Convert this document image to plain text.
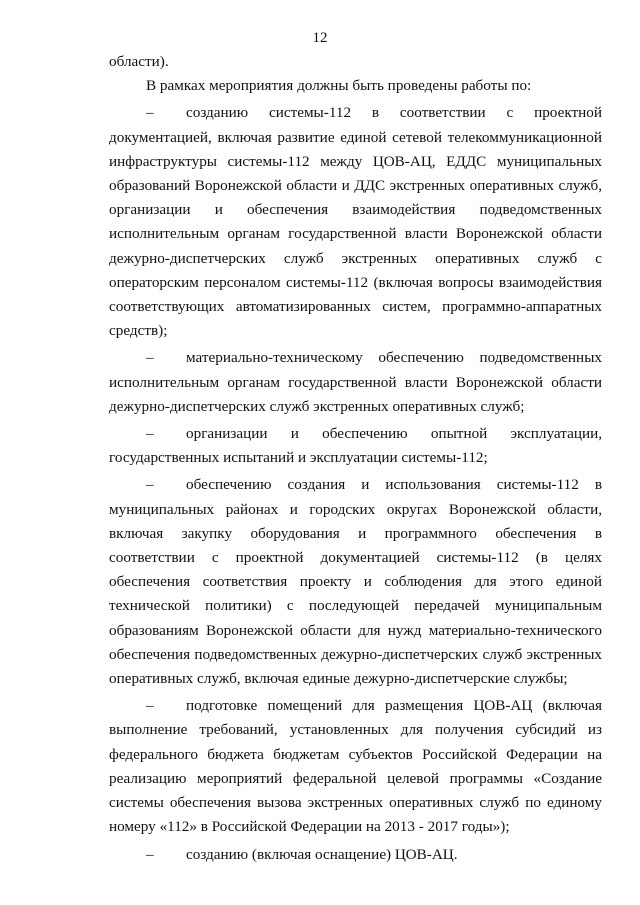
12

области).

В рамках мероприятия должны быть проведены работы по:

– созданию системы-112 в соответствии с проектной документацией, включая развитие единой сетевой телекоммуникационной инфраструктуры системы-112 между ЦОВ-АЦ, ЕДДС муниципальных образований Воронежской области и ДДС экстренных оперативных служб, организации и обеспечения взаимодействия подведомственных исполнительным органам государственной власти Воронежской области дежурно-диспетчерских служб экстренных оперативных служб с операторским персоналом системы-112 (включая вопросы взаимодействия соответствующих автоматизированных систем, программно-аппаратных средств);

– материально-техническому обеспечению подведомственных исполнительным органам государственной власти Воронежской области дежурно-диспетчерских служб экстренных оперативных служб;

– организации и обеспечению опытной эксплуатации, государственных испытаний и эксплуатации системы-112;

– обеспечению создания и использования системы-112 в муниципальных районах и городских округах Воронежской области, включая закупку оборудования и программного обеспечения в соответствии с проектной документацией системы-112 (в целях обеспечения соответствия проекту и соблюдения для этого единой технической политики) с последующей передачей муниципальным образованиям Воронежской области для нужд материально-технического обеспечения подведомственных дежурно-диспетчерских служб экстренных оперативных служб, включая единые дежурно-диспетчерские службы;

– подготовке помещений для размещения ЦОВ-АЦ (включая выполнение требований, установленных для получения субсидий из федерального бюджета бюджетам субъектов Российской Федерации на реализацию мероприятий федеральной целевой программы «Создание системы обеспечения вызова экстренных оперативных служб по единому номеру «112» в Российской Федерации на 2013 - 2017 годы»);

– созданию (включая оснащение) ЦОВ-АЦ.
